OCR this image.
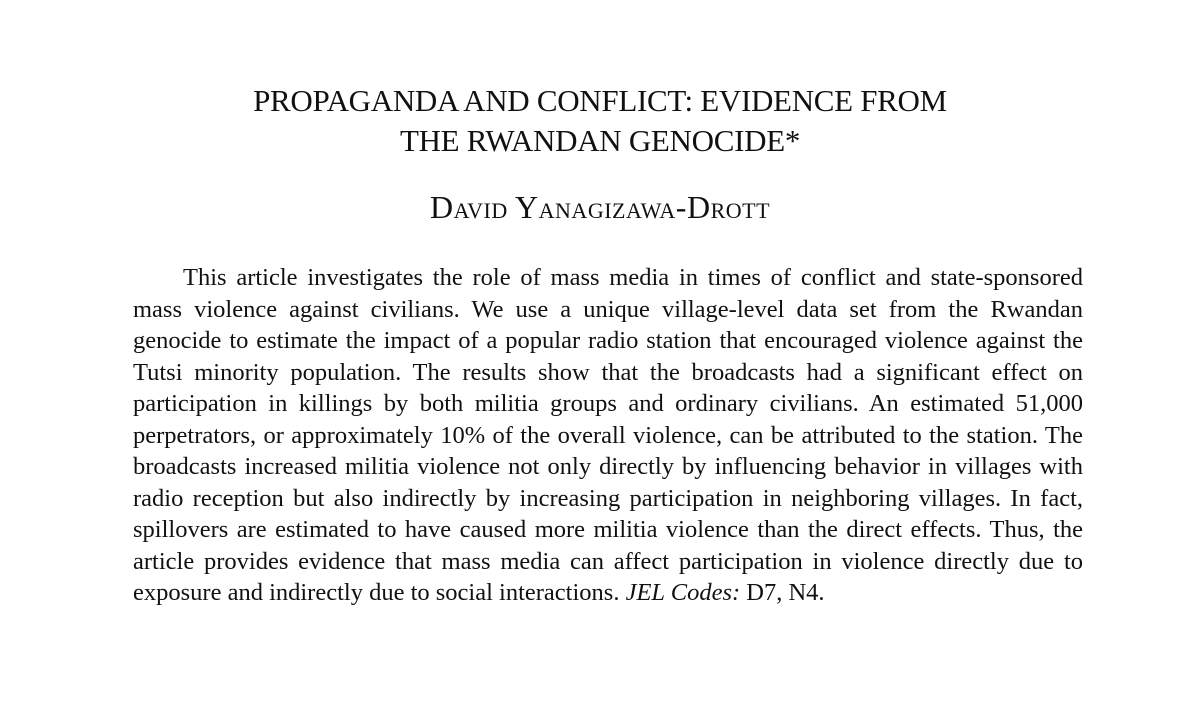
PROPAGANDA AND CONFLICT: EVIDENCE FROM
THE RWANDAN GENOCIDE*
David Yanagizawa-Drott

This article investigates the role of mass media in times of conflict and state-sponsored mass violence against civilians. We use a unique village-level data set from the Rwandan genocide to estimate the impact of a popular radio station that encouraged violence against the Tutsi minority population. The results show that the broadcasts had a significant effect on participation in killings by both militia groups and ordinary civilians. An estimated 51,000 perpetrators, or approximately 10% of the overall violence, can be attributed to the station. The broadcasts increased militia violence not only directly by influencing behavior in villages with radio reception but also indirectly by increasing participation in neighboring villages. In fact, spillovers are estimated to have caused more militia violence than the direct effects. Thus, the article provides evidence that mass media can affect participation in violence directly due to exposure and indirectly due to social interactions. JEL Codes: D7, N4.
